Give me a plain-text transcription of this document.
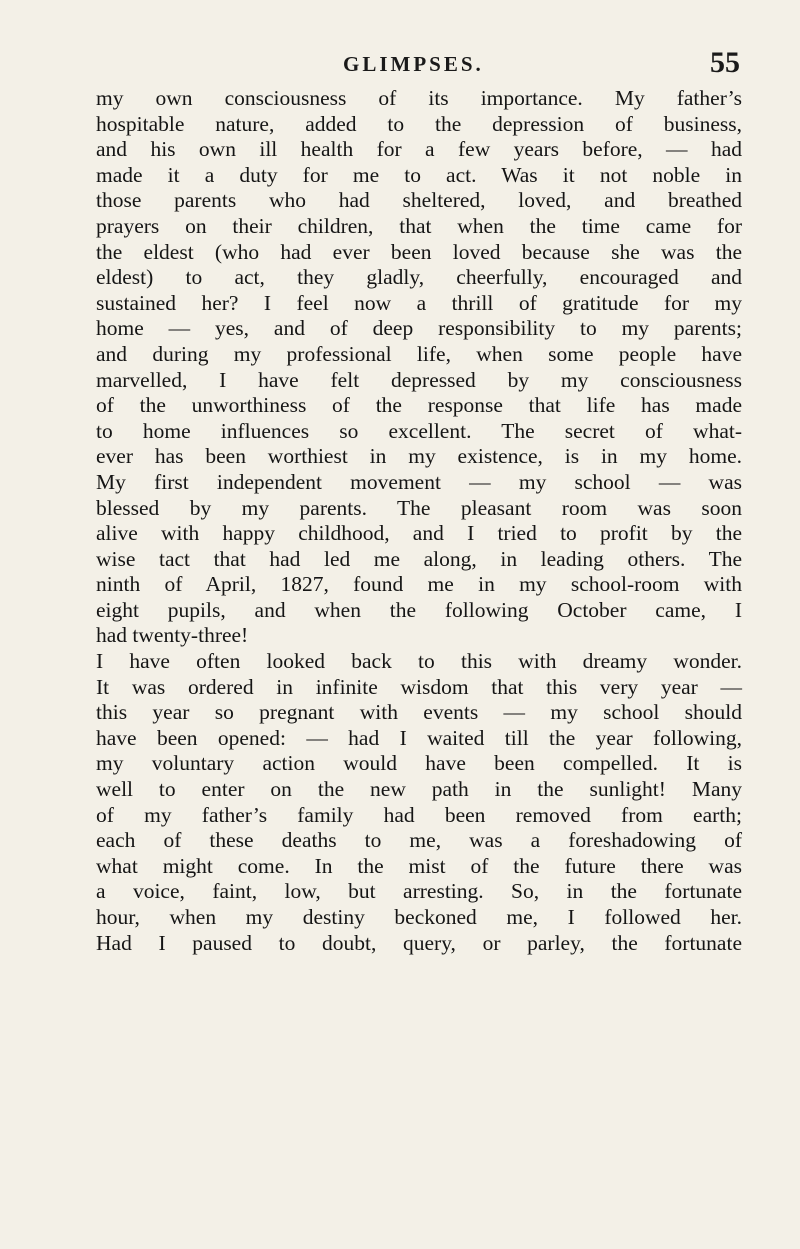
GLIMPSES.	55
my own consciousness of its importance. My father’s
hospitable nature, added to the depression of business,
and his own ill health for a few years before, — had
made it a duty for me to act. Was it not noble in
those parents who had sheltered, loved, and breathed
prayers on their children, that when the time came for
the eldest (who had ever been loved because she was the
eldest) to act, they gladly, cheerfully, encouraged and
sustained her? I feel now a thrill of gratitude for my
home — yes, and of deep responsibility to my parents;
and during my professional life, when some people have
marvelled, I have felt depressed by my consciousness
of the unworthiness of the response that life has made
to home influences so excellent. The secret of what-
ever has been worthiest in my existence, is in my home.
My first independent movement — my school — was
blessed by my parents. The pleasant room was soon
alive with happy childhood, and I tried to profit by the
wise tact that had led me along, in leading others. The
ninth of April, 1827, found me in my school-room with
eight pupils, and when the following October came, I
had twenty-three!
I have often looked back to this with dreamy wonder.
It was ordered in infinite wisdom that this very year —
this year so pregnant with events — my school should
have been opened: — had I waited till the year following,
my voluntary action would have been compelled. It is
well to enter on the new path in the sunlight! Many
of my father’s family had been removed from earth;
each of these deaths to me, was a foreshadowing of
what might come. In the mist of the future there was
a voice, faint, low, but arresting. So, in the fortunate
hour, when my destiny beckoned me, I followed her.
Had I paused to doubt, query, or parley, the fortunate
